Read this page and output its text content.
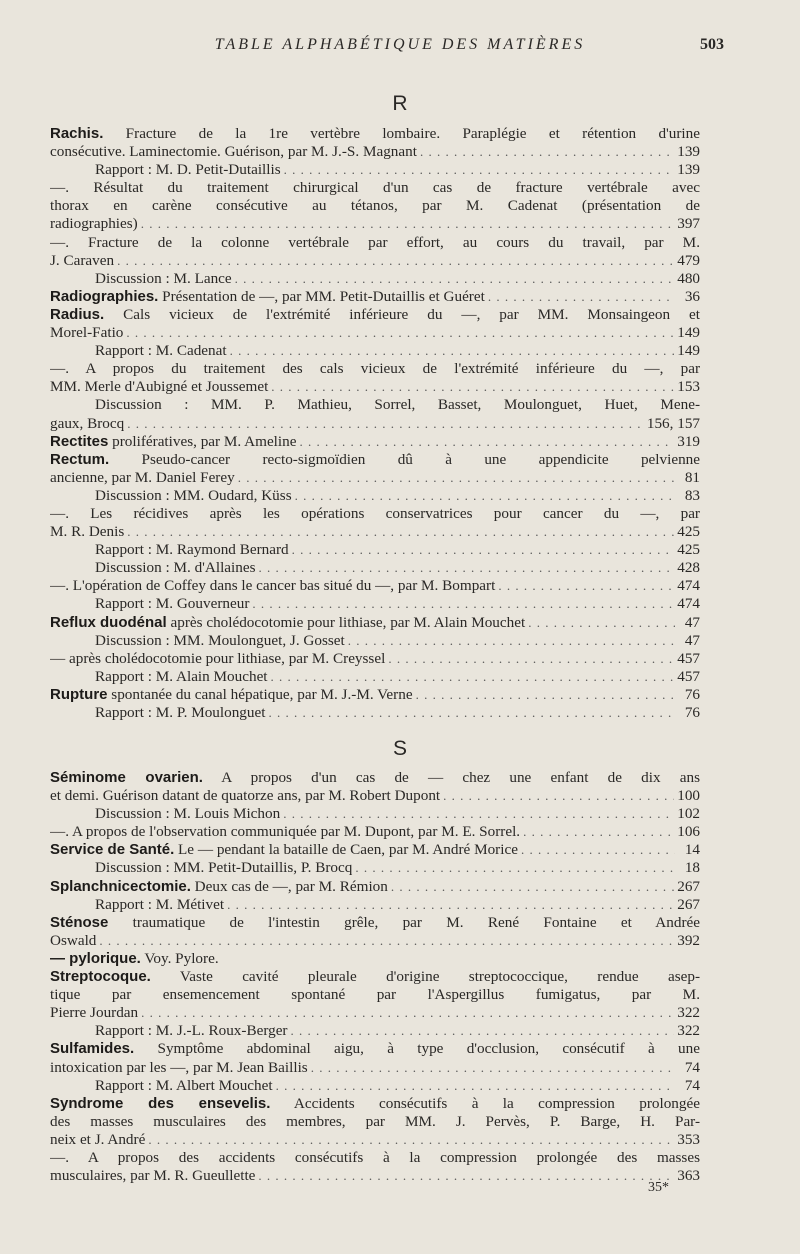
TABLE ALPHABÉTIQUE DES MATIÈRES	503
R
Rachis. Fracture de la 1re vertèbre lombaire. Paraplégie et rétention d'urine
consécutive. Laminectomie. Guérison, par M. J.-S. Magnant . . .	139
Rapport : M. D. Petit-Dutaillis . . .	139
—. Résultat du traitement chirurgical d'un cas de fracture vertébrale avec
thorax en carène consécutive au tétanos, par M. Cadenat (présentation de
radiographies) . . .	397
—. Fracture de la colonne vertébrale par effort, au cours du travail, par M.
J. Caraven . . .	479
Discussion : M. Lance . . .	480
Radiographies. Présentation de —, par MM. Petit-Dutaillis et Guéret . . .	36
Radius. Cals vicieux de l'extrémité inférieure du —, par MM. Monsaingeon et
Morel-Fatio . . .	149
Rapport : M. Cadenat . . .	149
—. A propos du traitement des cals vicieux de l'extrémité inférieure du —, par
MM. Merle d'Aubigné et Joussemet . . .	153
Discussion : MM. P. Mathieu, Sorrel, Basset, Moulonguet, Huet, Mene-
gaux, Brocq . . .	156, 157
Rectites prolifératives, par M. Ameline . . .	319
Rectum. Pseudo-cancer recto-sigmoïdien dû à une appendicite pelvienne
ancienne, par M. Daniel Ferey . . .	81
Discussion : MM. Oudard, Küss . . .	83
—. Les récidives après les opérations conservatrices pour cancer du —, par
M. R. Denis . . .	425
Rapport : M. Raymond Bernard . . .	425
Discussion : M. d'Allaines . . .	428
—. L'opération de Coffey dans le cancer bas situé du —, par M. Bompart . . .	474
Rapport : M. Gouverneur . . .	474
Reflux duodénal après cholédocotomie pour lithiase, par M. Alain Mouchet . . .	47
Discussion : MM. Moulonguet, J. Gosset . . .	47
— après cholédocotomie pour lithiase, par M. Creyssel . . .	457
Rapport : M. Alain Mouchet . . .	457
Rupture spontanée du canal hépatique, par M. J.-M. Verne . . .	76
Rapport : M. P. Moulonguet . . .	76
S
Séminome ovarien. A propos d'un cas de — chez une enfant de dix ans
et demi. Guérison datant de quatorze ans, par M. Robert Dupont . . .	100
Discussion : M. Louis Michon . . .	102
—. A propos de l'observation communiquée par M. Dupont, par M. E. Sorrel. . . .	106
Service de Santé. Le — pendant la bataille de Caen, par M. André Morice . . .	14
Discussion : MM. Petit-Dutaillis, P. Brocq . . .	18
Splanchnicectomie. Deux cas de —, par M. Rémion . . .	267
Rapport : M. Métivet . . .	267
Sténose traumatique de l'intestin grêle, par M. René Fontaine et Andrée
Oswald . . .	392
— pylorique. Voy. Pylore.
Streptocoque. Vaste cavité pleurale d'origine streptococcique, rendue asep-
tique par ensemencement spontané par l'Aspergillus fumigatus, par M.
Pierre Jourdan . . .	322
Rapport : M. J.-L. Roux-Berger . . .	322
Sulfamides. Symptôme abdominal aigu, à type d'occlusion, consécutif à une
intoxication par les —, par M. Jean Baillis . . .	74
Rapport : M. Albert Mouchet . . .	74
Syndrome des ensevelis. Accidents consécutifs à la compression prolongée
des masses musculaires des membres, par MM. J. Pervès, P. Barge, H. Par-
neix et J. André . . .	353
—. A propos des accidents consécutifs à la compression prolongée des masses
musculaires, par M. R. Gueullette . . .	363
35*
